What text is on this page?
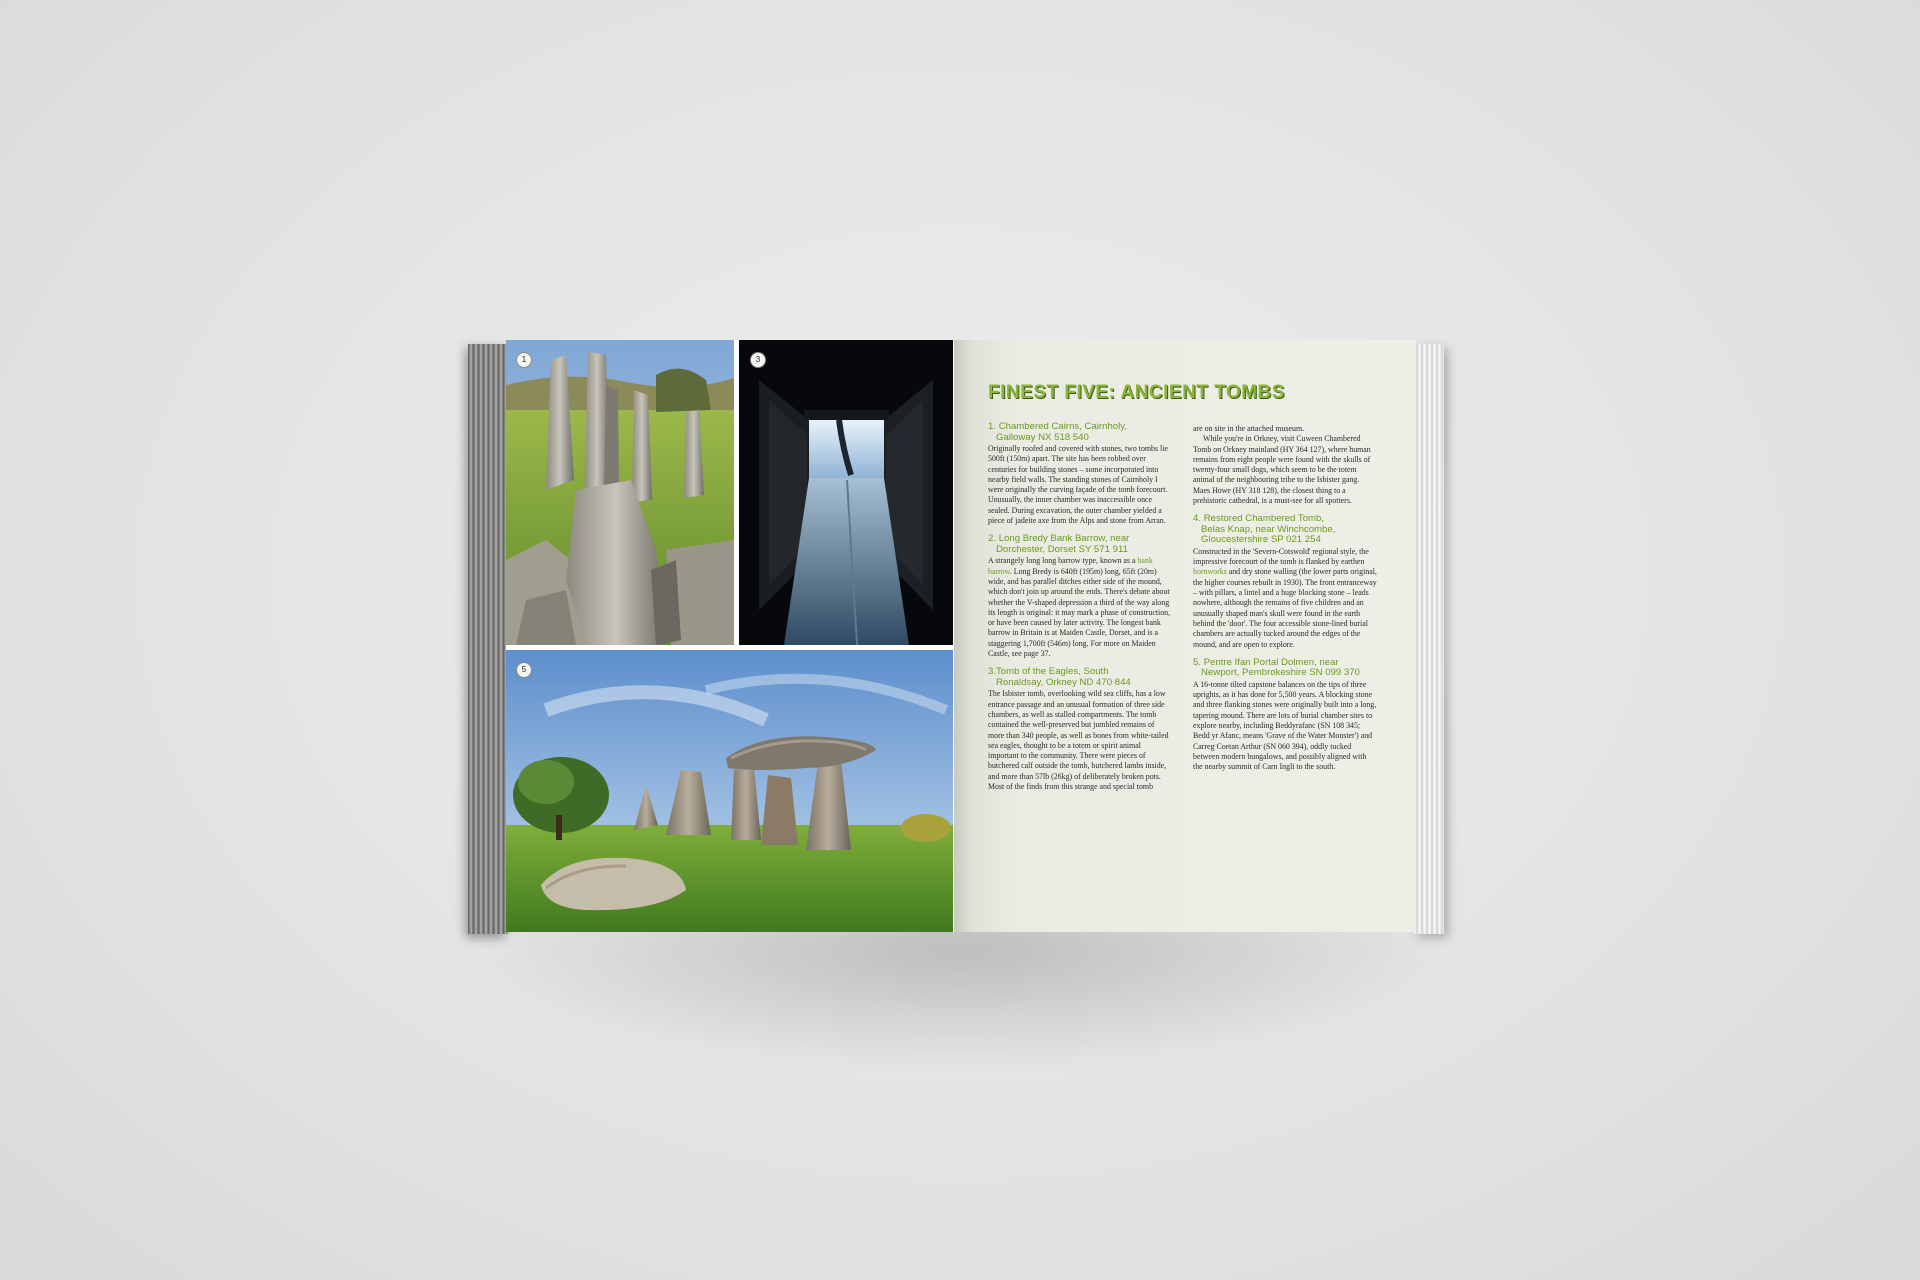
1	3
5
FINEST FIVE: ANCIENT TOMBS
1. Chambered Cairns, Cairnholy,
Galloway NX 518 540
Originally roofed and covered with stones, two tombs lie 500ft (150m) apart. The site has been robbed over centuries for building stones – some incorporated into nearby field walls. The standing stones of Cairnholy I were originally the curving façade of the tomb forecourt. Unusually, the inner chamber was inaccessible once sealed. During excavation, the outer chamber yielded a piece of jadeite axe from the Alps and stone from Arran.
2. Long Bredy Bank Barrow, near
Dorchester, Dorset SY 571 911
A strangely long long barrow type, known as a bank barrow. Long Bredy is 640ft (195m) long, 65ft (20m) wide, and has parallel ditches either side of the mound, which don't join up around the ends. There's debate about whether the V-shaped depression a third of the way along its length is original: it may mark a phase of construction, or have been caused by later activity. The longest bank barrow in Britain is at Maiden Castle, Dorset, and is a staggering 1,700ft (546m) long. For more on Maiden Castle, see page 37.
3.Tomb of the Eagles, South
Ronaldsay, Orkney ND 470 844
The Isbister tomb, overlooking wild sea cliffs, has a low entrance passage and an unusual formation of three side chambers, as well as stalled compartments. The tomb contained the well-preserved but jumbled remains of more than 340 people, as well as bones from white-tailed sea eagles, thought to be a totem or spirit animal important to the community. There were pieces of butchered calf outside the tomb, butchered lambs inside, and more than 57lb (26kg) of deliberately broken pots. Most of the finds from this strange and special tomb
are on site in the attached museum.
While you're in Orkney, visit Cuween Chambered Tomb on Orkney mainland (HY 364 127), where human remains from eight people were found with the skulls of twenty-four small dogs, which seem to be the totem animal of the neighbouring tribe to the Isbister gang. Maes Howe (HY 318 128), the closest thing to a prehistoric cathedral, is a must-see for all spotters.
4. Restored Chambered Tomb,
Belas Knap, near Winchcombe,
Gloucestershire SP 021 254
Constructed in the 'Severn-Cotswold' regional style, the impressive forecourt of the tomb is flanked by earthen hornworks and dry stone walling (the lower parts original, the higher courses rebuilt in 1930). The front entranceway – with pillars, a lintel and a huge blocking stone – leads nowhere, although the remains of five children and an unusually shaped man's skull were found in the earth behind the 'door'. The four accessible stone-lined burial chambers are actually tucked around the edges of the mound, and are open to explore.
5. Pentre Ifan Portal Dolmen, near
Newport, Pembrokeshire SN 099 370
A 16-tonne tilted capstone balances on the tips of three uprights, as it has done for 5,500 years. A blocking stone and three flanking stones were originally built into a long, tapering mound. There are lots of burial chamber sites to explore nearby, including Beddyrafanc (SN 108 345; Bedd yr Afanc, means 'Grave of the Water Monster') and Carreg Coetan Arthur (SN 060 394), oddly tucked between modern bungalows, and possibly aligned with the nearby summit of Carn Ingli to the south.
